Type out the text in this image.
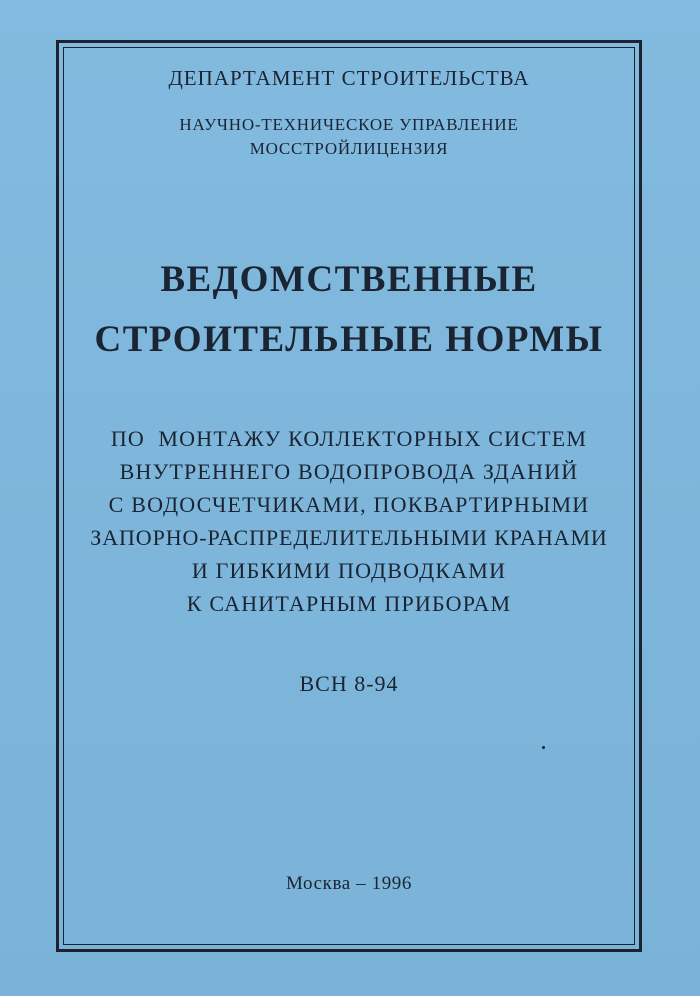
ДЕПАРТАМЕНТ СТРОИТЕЛЬСТВА
НАУЧНО-ТЕХНИЧЕСКОЕ УПРАВЛЕНИЕ
МОССТРОЙЛИЦЕНЗИЯ
ВЕДОМСТВЕННЫЕ
СТРОИТЕЛЬНЫЕ НОРМЫ
ПО  МОНТАЖУ КОЛЛЕКТОРНЫХ СИСТЕМ
ВНУТРЕННЕГО ВОДОПРОВОДА ЗДАНИЙ
С ВОДОСЧЕТЧИКАМИ, ПОКВАРТИРНЫМИ
ЗАПОРНО-РАСПРЕДЕЛИТЕЛЬНЫМИ КРАНАМИ
И ГИБКИМИ ПОДВОДКАМИ
К САНИТАРНЫМ ПРИБОРАМ
ВСН 8-94
Москва – 1996
